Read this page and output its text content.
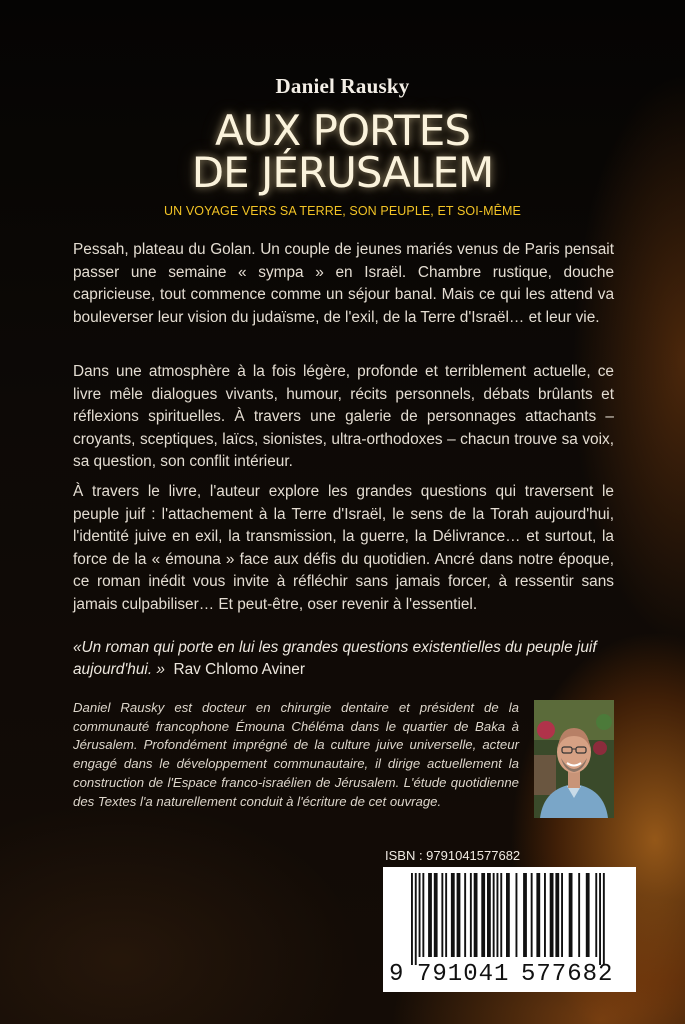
Daniel Rausky
AUX PORTES
DE JÉRUSALEM
UN VOYAGE VERS SA TERRE, SON PEUPLE, ET SOI-MÊME

Pessah, plateau du Golan. Un couple de jeunes mariés venus de Paris pensait passer une semaine « sympa » en Israël. Chambre rustique, douche capricieuse, tout commence comme un séjour banal. Mais ce qui les attend va bouleverser leur vision du judaïsme, de l'exil, de la Terre d'Israël… et leur vie.

Dans une atmosphère à la fois légère, profonde et terriblement actuelle, ce livre mêle dialogues vivants, humour, récits personnels, débats brûlants et réflexions spirituelles. À travers une galerie de personnages attachants – croyants, sceptiques, laïcs, sionistes, ultra-orthodoxes – chacun trouve sa voix, sa question, son conflit intérieur.

À travers le livre, l'auteur explore les grandes questions qui traversent le peuple juif : l'attachement à la Terre d'Israël, le sens de la Torah aujourd'hui, l'identité juive en exil, la transmission, la guerre, la Délivrance… et surtout, la force de la « émouna » face aux défis du quotidien. Ancré dans notre époque, ce roman inédit vous invite à réfléchir sans jamais forcer, à ressentir sans jamais culpabiliser… Et peut-être, oser revenir à l'essentiel.

«Un roman qui porte en lui les grandes questions existentielles du peuple juif aujourd'hui. » Rav Chlomo Aviner

Daniel Rausky est docteur en chirurgie dentaire et président de la communauté francophone Émouna Chéléma dans le quartier de Baka à Jérusalem. Profondément imprégné de la culture juive universelle, acteur engagé dans le développement communautaire, il dirige actuellement la construction de l'Espace franco-israélien de Jérusalem. L'étude quotidienne des Textes l'a naturellement conduit à l'écriture de cet ouvrage.

ISBN : 9791041577682
9 791041 577682
